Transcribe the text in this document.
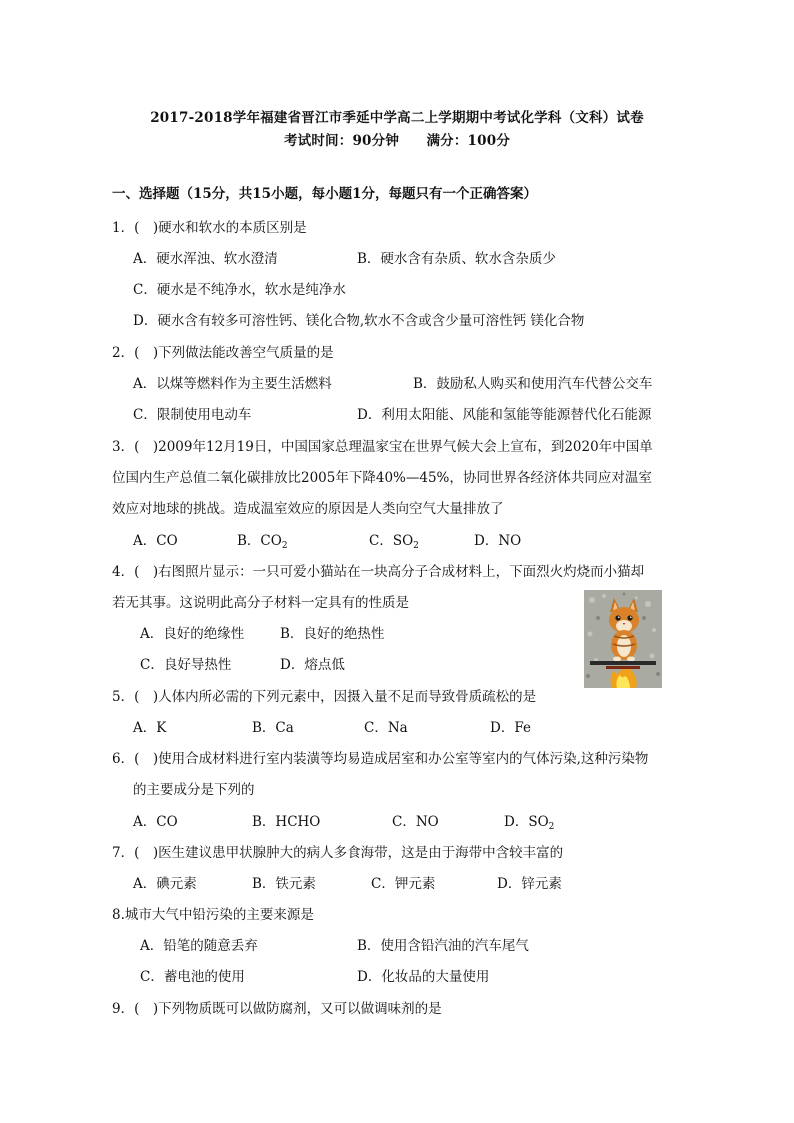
2017-2018学年福建省晋江市季延中学高二上学期期中考试化学科（文科）试卷
考试时间：90分钟　　满分：100分
一、选择题（15分，共15小题，每小题1分，每题只有一个正确答案）
1．(　)硬水和软水的本质区别是
A．硬水浑浊、软水澄清	B．硬水含有杂质、软水含杂质少
C．硬水是不纯净水，软水是纯净水
D．硬水含有较多可溶性钙、镁化合物,软水不含或含少量可溶性钙 镁化合物
2．(　)下列做法能改善空气质量的是
A．以煤等燃料作为主要生活燃料	B．鼓励私人购买和使用汽车代替公交车
C．限制使用电动车	D．利用太阳能、风能和氢能等能源替代化石能源
3．(　)2009年12月19日，中国国家总理温家宝在世界气候大会上宣布，到2020年中国单
位国内生产总值二氧化碳排放比2005年下降40%—45%，协同世界各经济体共同应对温室
效应对地球的挑战。造成温室效应的原因是人类向空气大量排放了
A．CO	B．$CO_2$	C．$SO_2$	D．NO
4．(　)右图照片显示：一只可爱小猫站在一块高分子合成材料上，下面烈火灼烧而小猫却
若无其事。这说明此高分子材料一定具有的性质是
A．良好的绝缘性	B．良好的绝热性
C．良好导热性	D．熔点低
5．(　)人体内所必需的下列元素中，因摄入量不足而导致骨质疏松的是
A．K	B．Ca	C．Na	D．Fe
6．(　)使用合成材料进行室内装潢等均易造成居室和办公室等室内的气体污染,这种污染物
的主要成分是下列的
A．CO	B．HCHO	C．NO	D．$SO_2$
7．(　)医生建议患甲状腺肿大的病人多食海带，这是由于海带中含较丰富的
A．碘元素	B．铁元素	C．钾元素	D．锌元素
8.城市大气中铅污染的主要来源是
A．铅笔的随意丢弃	B．使用含铅汽油的汽车尾气
C．蓄电池的使用	D．化妆品的大量使用
9．(　)下列物质既可以做防腐剂，又可以做调味剂的是
